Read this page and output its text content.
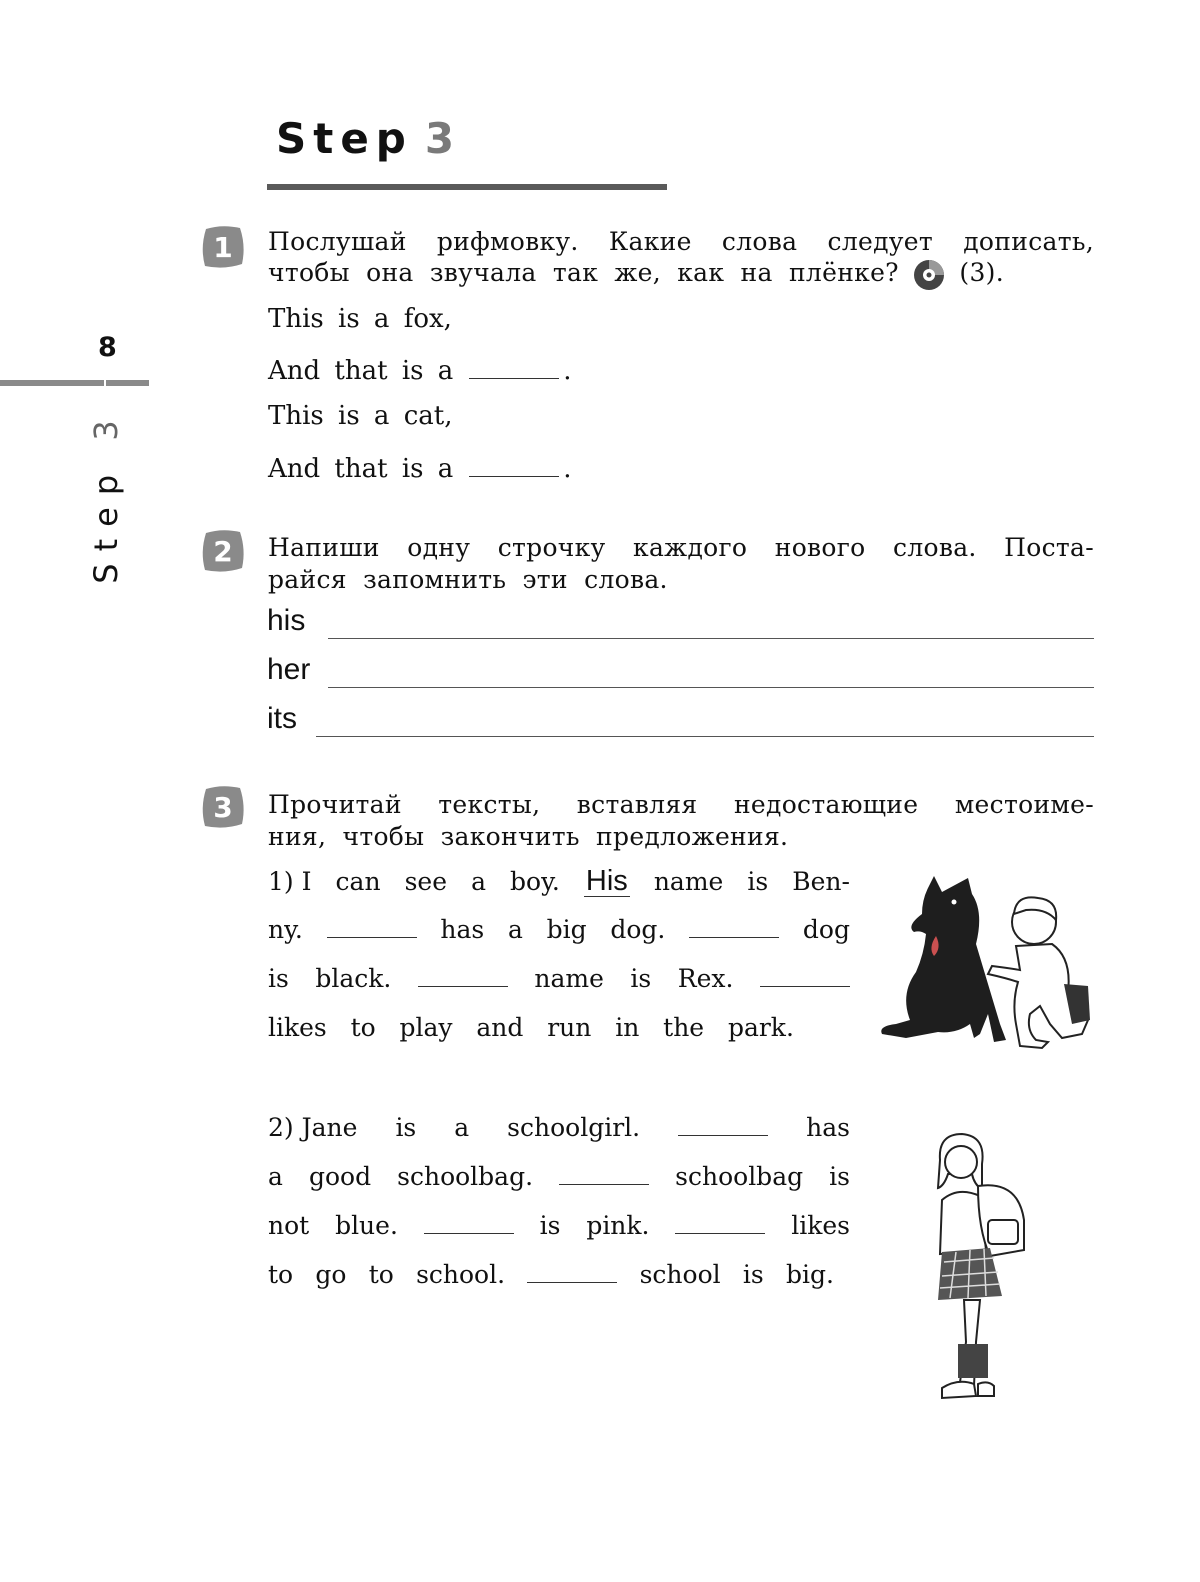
Step 3
8
Step 3
1 Послушай рифмовку. Какие слова следует дописать,
чтобы она звучала так же, как на плёнке? (3).
This is a fox,
And that is a	.
This is a cat,
And that is a	.
2 Напиши одну строчку каждого нового слова. Поста-
райся запомнить эти слова.
his
her
its
3 Прочитай тексты, вставляя недостающие местоиме-
ния, чтобы закончить предложения.
1) I can see a boy. His name is Ben-
ny.	has a big dog.	dog
is black.	name is Rex.
likes to play and run in the park.
2) Jane is a schoolgirl.	has
a good schoolbag.	schoolbag is
not blue.	is pink.	likes
to go to school.	school is big.
